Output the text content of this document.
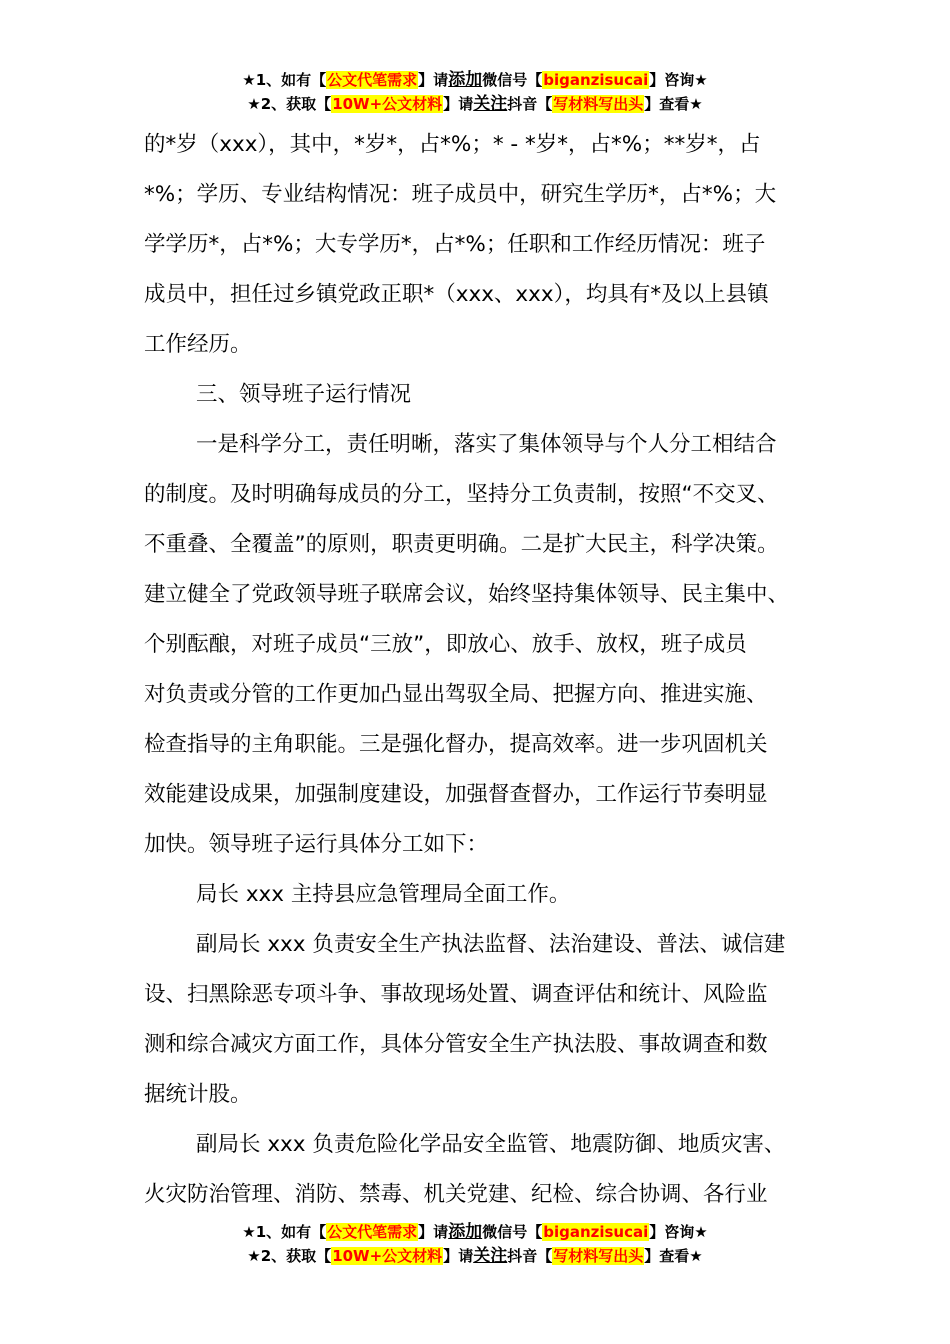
★1、如有【公文代笔需求】请添加微信号【biganzisucai】咨询★
★2、获取【10W+公文材料】请关注抖音【写材料写出头】查看★

的*岁（xxx），其中，*岁*，占*%；* - *岁*，占*%；**岁*，占

*%；学历、专业结构情况：班子成员中，研究生学历*，占*%；大

学学历*，占*%；大专学历*，占*%；任职和工作经历情况：班子

成员中，担任过乡镇党政正职*（xxx、xxx），均具有*及以上县镇

工作经历。

三、领导班子运行情况

一是科学分工，责任明晰，落实了集体领导与个人分工相结合

的制度。及时明确每成员的分工，坚持分工负责制，按照“不交叉、

不重叠、全覆盖”的原则，职责更明确。二是扩大民主，科学决策。

建立健全了党政领导班子联席会议，始终坚持集体领导、民主集中、

个别酝酿，对班子成员“三放”，即放心、放手、放权，班子成员

对负责或分管的工作更加凸显出驾驭全局、把握方向、推进实施、

检查指导的主角职能。三是强化督办，提高效率。进一步巩固机关

效能建设成果，加强制度建设，加强督查督办，工作运行节奏明显

加快。领导班子运行具体分工如下：

局长 xxx 主持县应急管理局全面工作。

副局长 xxx 负责安全生产执法监督、法治建设、普法、诚信建

设、扫黑除恶专项斗争、事故现场处置、调查评估和统计、风险监

测和综合减灾方面工作，具体分管安全生产执法股、事故调查和数

据统计股。

副局长 xxx 负责危险化学品安全监管、地震防御、地质灾害、

火灾防治管理、消防、禁毒、机关党建、纪检、综合协调、各行业

★1、如有【公文代笔需求】请添加微信号【biganzisucai】咨询★
★2、获取【10W+公文材料】请关注抖音【写材料写出头】查看★
